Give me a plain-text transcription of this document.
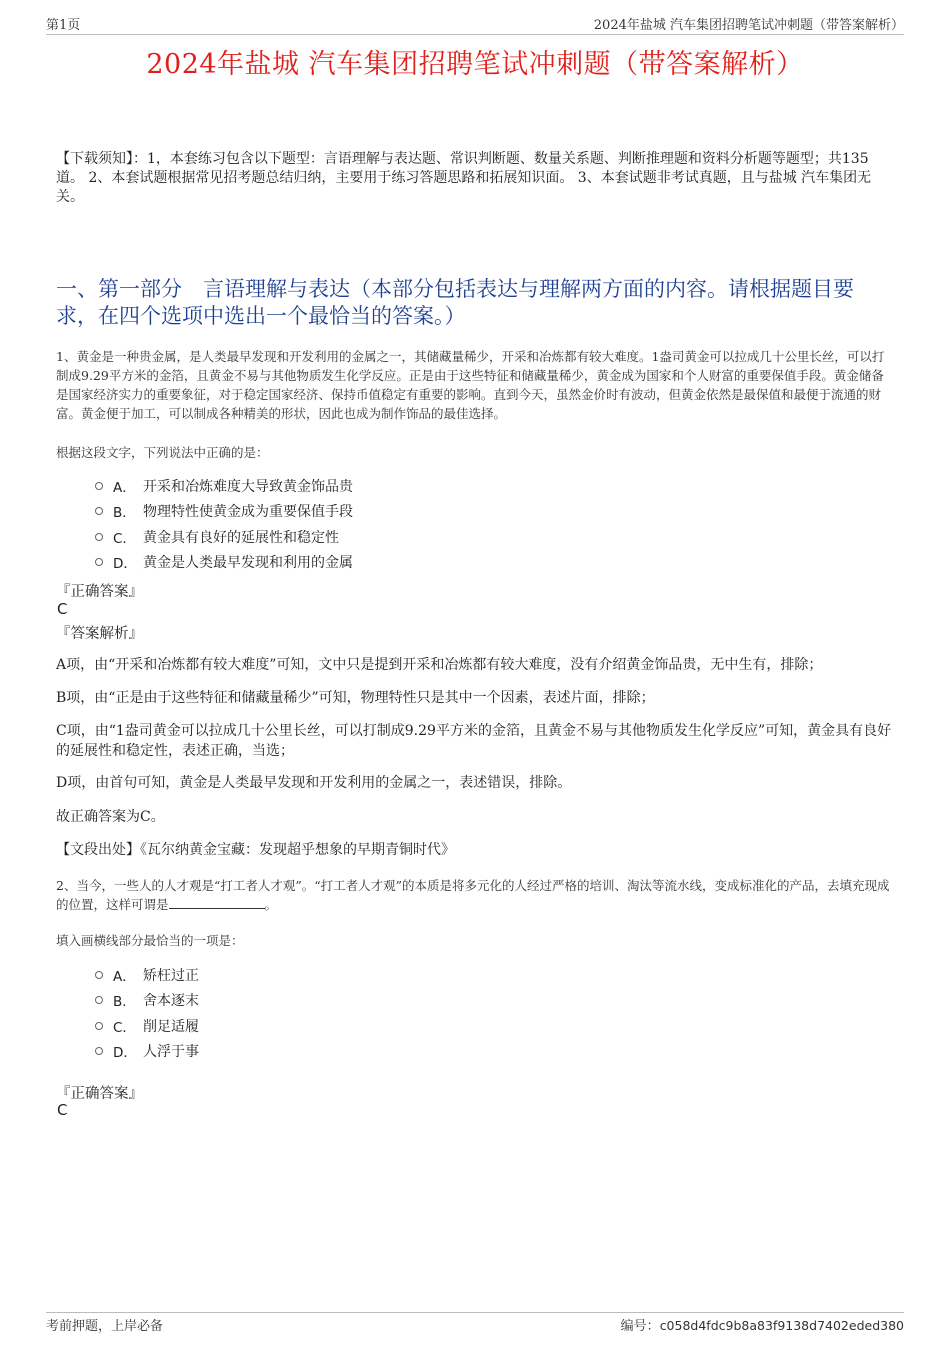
第1页	2024年盐城 汽车集团招聘笔试冲刺题（带答案解析）
2024年盐城 汽车集团招聘笔试冲刺题（带答案解析）
【下载须知】：1，本套练习包含以下题型：言语理解与表达题、常识判断题、数量关系题、判断推理题和资料分析题等题型；共135道。 2、本套试题根据常见招考题总结归纳，主要用于练习答题思路和拓展知识面。 3、本套试题非考试真题，且与盐城 汽车集团无关。
一、第一部分　言语理解与表达（本部分包括表达与理解两方面的内容。请根据题目要求，在四个选项中选出一个最恰当的答案。）
1、黄金是一种贵金属，是人类最早发现和开发利用的金属之一，其储藏量稀少，开采和冶炼都有较大难度。1盎司黄金可以拉成几十公里长丝，可以打制成9.29平方米的金箔，且黄金不易与其他物质发生化学反应。正是由于这些特征和储藏量稀少，黄金成为国家和个人财富的重要保值手段。黄金储备是国家经济实力的重要象征，对于稳定国家经济、保持币值稳定有重要的影响。直到今天，虽然金价时有波动，但黄金依然是最保值和最便于流通的财富。黄金便于加工，可以制成各种精美的形状，因此也成为制作饰品的最佳选择。
根据这段文字，下列说法中正确的是：
A． 开采和冶炼难度大导致黄金饰品贵
B． 物理特性使黄金成为重要保值手段
C． 黄金具有良好的延展性和稳定性
D． 黄金是人类最早发现和利用的金属
『正确答案』
C
『答案解析』
A项，由“开采和冶炼都有较大难度”可知，文中只是提到开采和冶炼都有较大难度，没有介绍黄金饰品贵，无中生有，排除；
B项，由“正是由于这些特征和储藏量稀少”可知，物理特性只是其中一个因素，表述片面，排除；
C项，由“1盎司黄金可以拉成几十公里长丝，可以打制成9.29平方米的金箔，且黄金不易与其他物质发生化学反应”可知，黄金具有良好的延展性和稳定性，表述正确，当选；
D项，由首句可知，黄金是人类最早发现和开发利用的金属之一，表述错误，排除。
故正确答案为C。
【文段出处】《瓦尔纳黄金宝藏：发现超乎想象的早期青铜时代》
2、当今，一些人的人才观是“打工者人才观”。“打工者人才观”的本质是将多元化的人经过严格的培训、淘汰等流水线，变成标准化的产品，去填充现成的位置，这样可谓是	。
填入画横线部分最恰当的一项是：
A． 矫枉过正
B． 舍本逐末
C． 削足适履
D． 人浮于事
『正确答案』
C
考前押题，上岸必备	编号：c058d4fdc9b8a83f9138d7402eded380
